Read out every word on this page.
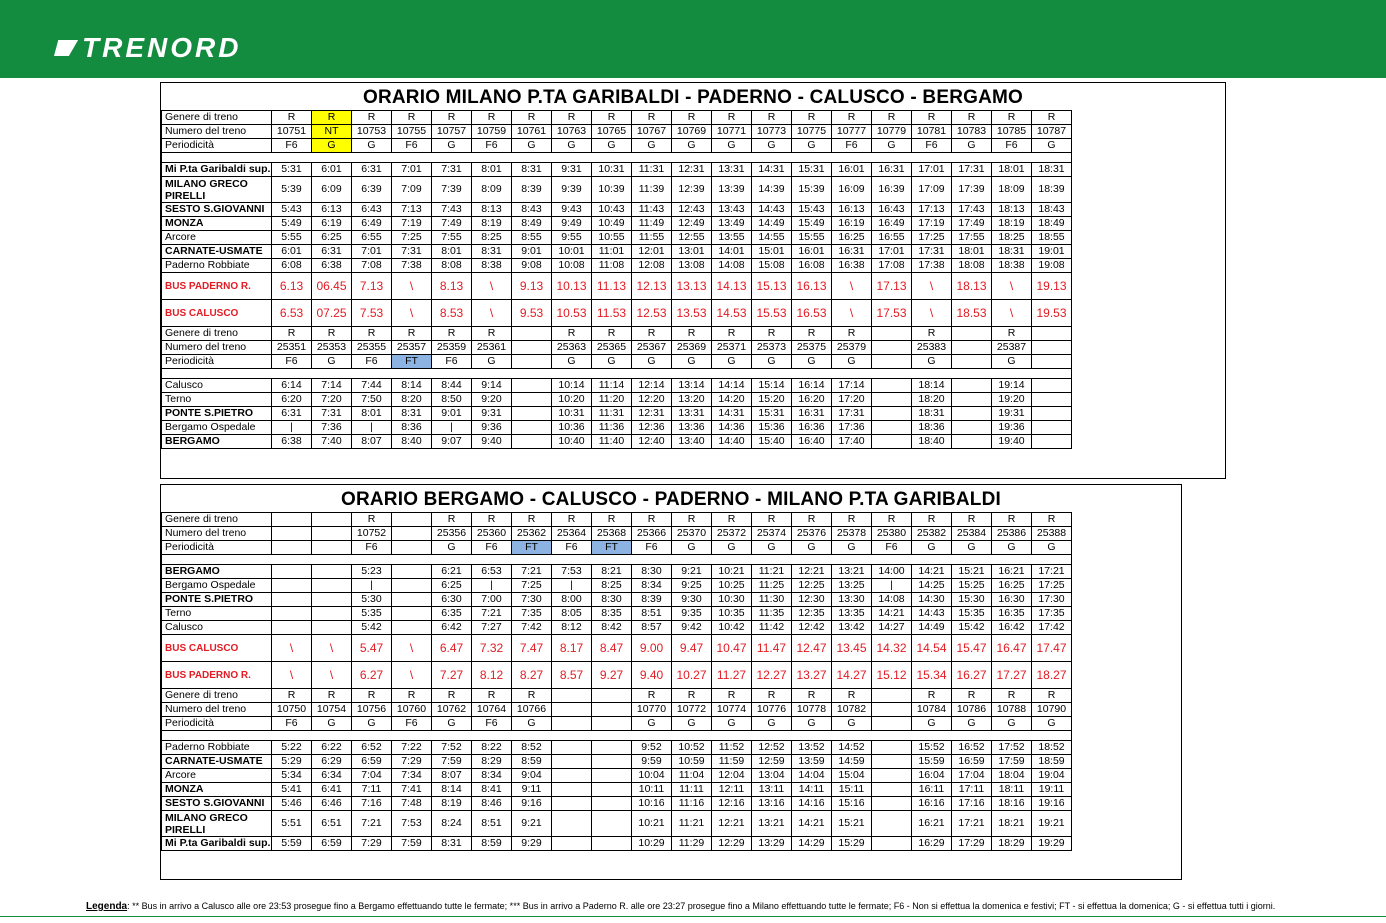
TRENORD
ORARIO MILANO P.TA GARIBALDI - PADERNO - CALUSCO - BERGAMO
Genere di treno	R	R	R	R	R	R	R	R	R	R	R	R	R	R	R	R	R	R	R	R
Numero del treno	10751	NT	10753	10755	10757	10759	10761	10763	10765	10767	10769	10771	10773	10775	10777	10779	10781	10783	10785	10787
Periodicità	F6	G	G	F6	G	F6	G	G	G	G	G	G	G	G	F6	G	F6	G	F6	G

Mi P.ta Garibaldi sup.	5:31	6:01	6:31	7:01	7:31	8:01	8:31	9:31	10:31	11:31	12:31	13:31	14:31	15:31	16:01	16:31	17:01	17:31	18:01	18:31
MILANO GRECO PIRELLI	5:39	6:09	6:39	7:09	7:39	8:09	8:39	9:39	10:39	11:39	12:39	13:39	14:39	15:39	16:09	16:39	17:09	17:39	18:09	18:39
SESTO S.GIOVANNI	5:43	6:13	6:43	7:13	7:43	8:13	8:43	9:43	10:43	11:43	12:43	13:43	14:43	15:43	16:13	16:43	17:13	17:43	18:13	18:43
MONZA	5:49	6:19	6:49	7:19	7:49	8:19	8:49	9:49	10:49	11:49	12:49	13:49	14:49	15:49	16:19	16:49	17:19	17:49	18:19	18:49
Arcore	5:55	6:25	6:55	7:25	7:55	8:25	8:55	9:55	10:55	11:55	12:55	13:55	14:55	15:55	16:25	16:55	17:25	17:55	18:25	18:55
CARNATE-USMATE	6:01	6:31	7:01	7:31	8:01	8:31	9:01	10:01	11:01	12:01	13:01	14:01	15:01	16:01	16:31	17:01	17:31	18:01	18:31	19:01
Paderno Robbiate	6:08	6:38	7:08	7:38	8:08	8:38	9:08	10:08	11:08	12:08	13:08	14:08	15:08	16:08	16:38	17:08	17:38	18:08	18:38	19:08
BUS PADERNO R.	6.13	06.45	7.13	\	8.13	\	9.13	10.13	11.13	12.13	13.13	14.13	15.13	16.13	\	17.13	\	18.13	\	19.13
BUS CALUSCO	6.53	07.25	7.53	\	8.53	\	9.53	10.53	11.53	12.53	13.53	14.53	15.53	16.53	\	17.53	\	18.53	\	19.53
Genere di treno	R	R	R	R	R	R		R	R	R	R	R	R	R	R		R		R	
Numero del treno	25351	25353	25355	25357	25359	25361		25363	25365	25367	25369	25371	25373	25375	25379		25383		25387	
Periodicità	F6	G	F6	FT	F6	G		G	G	G	G	G	G	G	G		G		G	

Calusco	6:14	7:14	7:44	8:14	8:44	9:14		10:14	11:14	12:14	13:14	14:14	15:14	16:14	17:14		18:14		19:14	
Terno	6:20	7:20	7:50	8:20	8:50	9:20		10:20	11:20	12:20	13:20	14:20	15:20	16:20	17:20		18:20		19:20	
PONTE S.PIETRO	6:31	7:31	8:01	8:31	9:01	9:31		10:31	11:31	12:31	13:31	14:31	15:31	16:31	17:31		18:31		19:31	
Bergamo Ospedale	|	7:36	|	8:36	|	9:36		10:36	11:36	12:36	13:36	14:36	15:36	16:36	17:36		18:36		19:36	
BERGAMO	6:38	7:40	8:07	8:40	9:07	9:40		10:40	11:40	12:40	13:40	14:40	15:40	16:40	17:40		18:40		19:40	
ORARIO BERGAMO - CALUSCO - PADERNO - MILANO P.TA GARIBALDI
Genere di treno			R		R	R	R	R	R	R	R	R	R	R	R	R	R	R	R	R
Numero del treno			10752		25356	25360	25362	25364	25368	25366	25370	25372	25374	25376	25378	25380	25382	25384	25386	25388
Periodicità			F6		G	F6	FT	F6	FT	F6	G	G	G	G	G	F6	G	G	G	G

BERGAMO			5:23		6:21	6:53	7:21	7:53	8:21	8:30	9:21	10:21	11:21	12:21	13:21	14:00	14:21	15:21	16:21	17:21
Bergamo Ospedale			|		6:25	|	7:25	|	8:25	8:34	9:25	10:25	11:25	12:25	13:25	|	14:25	15:25	16:25	17:25
PONTE S.PIETRO			5:30		6:30	7:00	7:30	8:00	8:30	8:39	9:30	10:30	11:30	12:30	13:30	14:08	14:30	15:30	16:30	17:30
Terno			5:35		6:35	7:21	7:35	8:05	8:35	8:51	9:35	10:35	11:35	12:35	13:35	14:21	14:43	15:35	16:35	17:35
Calusco			5:42		6:42	7:27	7:42	8:12	8:42	8:57	9:42	10:42	11:42	12:42	13:42	14:27	14:49	15:42	16:42	17:42
BUS CALUSCO	\	\	5.47	\	6.47	7.32	7.47	8.17	8.47	9.00	9.47	10.47	11.47	12.47	13.45	14.32	14.54	15.47	16.47	17.47
BUS PADERNO R.	\	\	6.27	\	7.27	8.12	8.27	8.57	9.27	9.40	10.27	11.27	12.27	13.27	14.27	15.12	15.34	16.27	17.27	18.27
Genere di treno	R	R	R	R	R	R	R			R	R	R	R	R	R		R	R	R	R
Numero del treno	10750	10754	10756	10760	10762	10764	10766			10770	10772	10774	10776	10778	10782		10784	10786	10788	10790
Periodicità	F6	G	G	F6	G	F6	G			G	G	G	G	G	G		G	G	G	G

Paderno Robbiate	5:22	6:22	6:52	7:22	7:52	8:22	8:52			9:52	10:52	11:52	12:52	13:52	14:52		15:52	16:52	17:52	18:52
CARNATE-USMATE	5:29	6:29	6:59	7:29	7:59	8:29	8:59			9:59	10:59	11:59	12:59	13:59	14:59		15:59	16:59	17:59	18:59
Arcore	5:34	6:34	7:04	7:34	8:07	8:34	9:04			10:04	11:04	12:04	13:04	14:04	15:04		16:04	17:04	18:04	19:04
MONZA	5:41	6:41	7:11	7:41	8:14	8:41	9:11			10:11	11:11	12:11	13:11	14:11	15:11		16:11	17:11	18:11	19:11
SESTO S.GIOVANNI	5:46	6:46	7:16	7:48	8:19	8:46	9:16			10:16	11:16	12:16	13:16	14:16	15:16		16:16	17:16	18:16	19:16
MILANO GRECO PIRELLI	5:51	6:51	7:21	7:53	8:24	8:51	9:21			10:21	11:21	12:21	13:21	14:21	15:21		16:21	17:21	18:21	19:21
Mi P.ta Garibaldi sup.	5:59	6:59	7:29	7:59	8:31	8:59	9:29			10:29	11:29	12:29	13:29	14:29	15:29		16:29	17:29	18:29	19:29
Legenda: ** Bus in arrivo a Calusco alle ore 23:53 prosegue fino a Bergamo effettuando tutte le fermate; *** Bus in arrivo a Paderno R. alle ore 23:27 prosegue fino a Milano effettuando tutte le fermate; F6 - Non si effettua la domenica e festivi; FT - si effettua la domenica; G - si effettua tutti i giorni.
